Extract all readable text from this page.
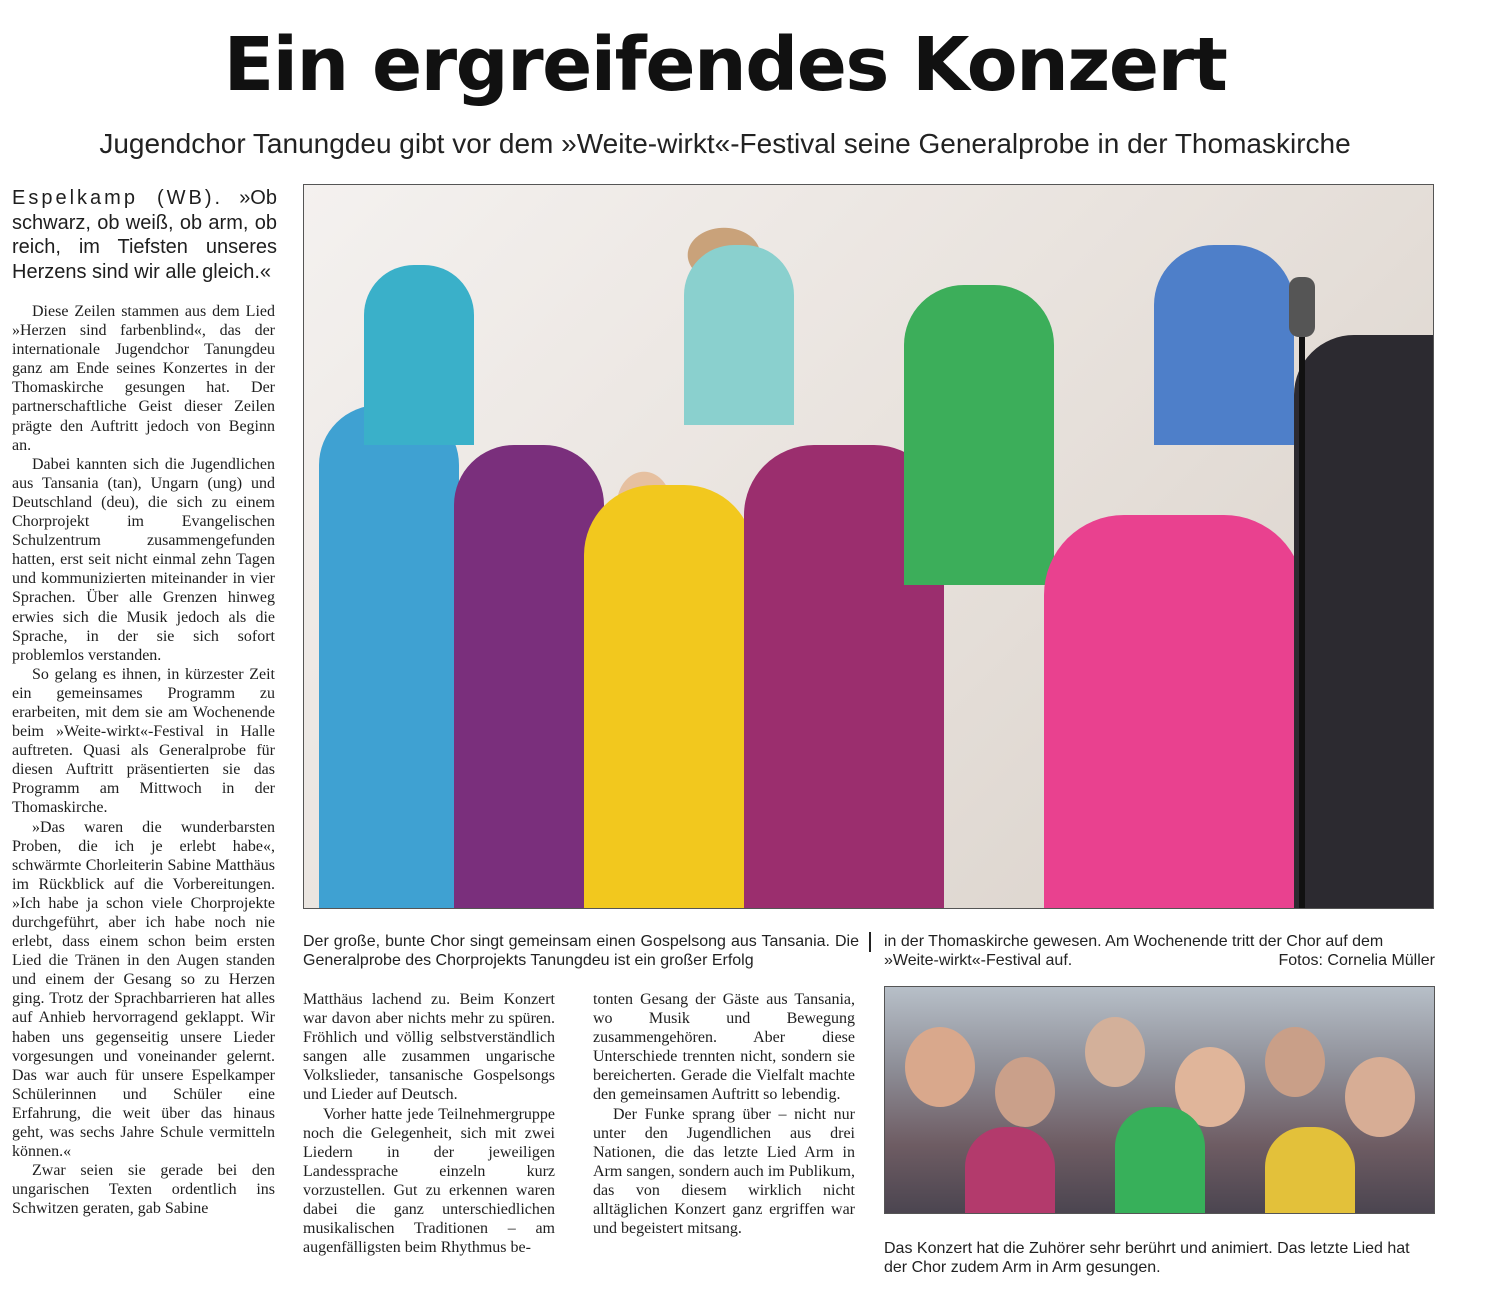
Ein ergreifendes Konzert
Jugendchor Tanungdeu gibt vor dem »Weite-wirkt«-Festival seine Generalprobe in der Thomaskirche
Espelkamp (WB). »Ob schwarz, ob weiß, ob arm, ob reich, im Tiefsten unseres Herzens sind wir alle gleich.«

Diese Zeilen stammen aus dem Lied »Herzen sind farbenblind«, das der internationale Jugendchor Tanungdeu ganz am Ende seines Konzertes in der Thomaskirche gesungen hat. Der partnerschaftliche Geist dieser Zeilen prägte den Auftritt jedoch von Beginn an.

Dabei kannten sich die Jugendlichen aus Tansania (tan), Ungarn (ung) und Deutschland (deu), die sich zu einem Chorprojekt im Evangelischen Schulzentrum zusammengefunden hatten, erst seit nicht einmal zehn Tagen und kommunizierten miteinander in vier Sprachen. Über alle Grenzen hinweg erwies sich die Musik jedoch als die Sprache, in der sie sich sofort problemlos verstanden.

So gelang es ihnen, in kürzester Zeit ein gemeinsames Programm zu erarbeiten, mit dem sie am Wochenende beim »Weite-wirkt«-Festival in Halle auftreten. Quasi als Generalprobe für diesen Auftritt präsentierten sie das Programm am Mittwoch in der Thomaskirche.

»Das waren die wunderbarsten Proben, die ich je erlebt habe«, schwärmte Chorleiterin Sabine Matthäus im Rückblick auf die Vorbereitungen. »Ich habe ja schon viele Chorprojekte durchgeführt, aber ich habe noch nie erlebt, dass einem schon beim ersten Lied die Tränen in den Augen standen und einem der Gesang so zu Herzen ging. Trotz der Sprachbarrieren hat alles auf Anhieb hervorragend geklappt. Wir haben uns gegenseitig unsere Lieder vorgesungen und voneinander gelernt. Das war auch für unsere Espelkamper Schülerinnen und Schüler eine Erfahrung, die weit über das hinaus geht, was sechs Jahre Schule vermitteln können.«

Zwar seien sie gerade bei den ungarischen Texten ordentlich ins Schwitzen geraten, gab Sabine

Der große, bunte Chor singt gemeinsam einen Gospelsong aus Tansania. Die Generalprobe des Chorprojekts Tanungdeu ist ein großer Erfolg
in der Thomaskirche gewesen. Am Wochenende tritt der Chor auf dem »Weite-wirkt«-Festival auf.	Fotos: Cornelia Müller

Matthäus lachend zu. Beim Konzert war davon aber nichts mehr zu spüren. Fröhlich und völlig selbstverständlich sangen alle zusammen ungarische Volkslieder, tansanische Gospelsongs und Lieder auf Deutsch.

Vorher hatte jede Teilnehmergruppe noch die Gelegenheit, sich mit zwei Liedern in der jeweiligen Landessprache einzeln kurz vorzustellen. Gut zu erkennen waren dabei die ganz unterschiedlichen musikalischen Traditionen – am augenfälligsten beim Rhythmus be-

tonten Gesang der Gäste aus Tansania, wo Musik und Bewegung zusammengehören. Aber diese Unterschiede trennten nicht, sondern sie bereicherten. Gerade die Vielfalt machte den gemeinsamen Auftritt so lebendig.

Der Funke sprang über – nicht nur unter den Jugendlichen aus drei Nationen, die das letzte Lied Arm in Arm sangen, sondern auch im Publikum, das von diesem wirklich nicht alltäglichen Konzert ganz ergriffen war und begeistert mitsang.

Das Konzert hat die Zuhörer sehr berührt und animiert. Das letzte Lied hat der Chor zudem Arm in Arm gesungen.
